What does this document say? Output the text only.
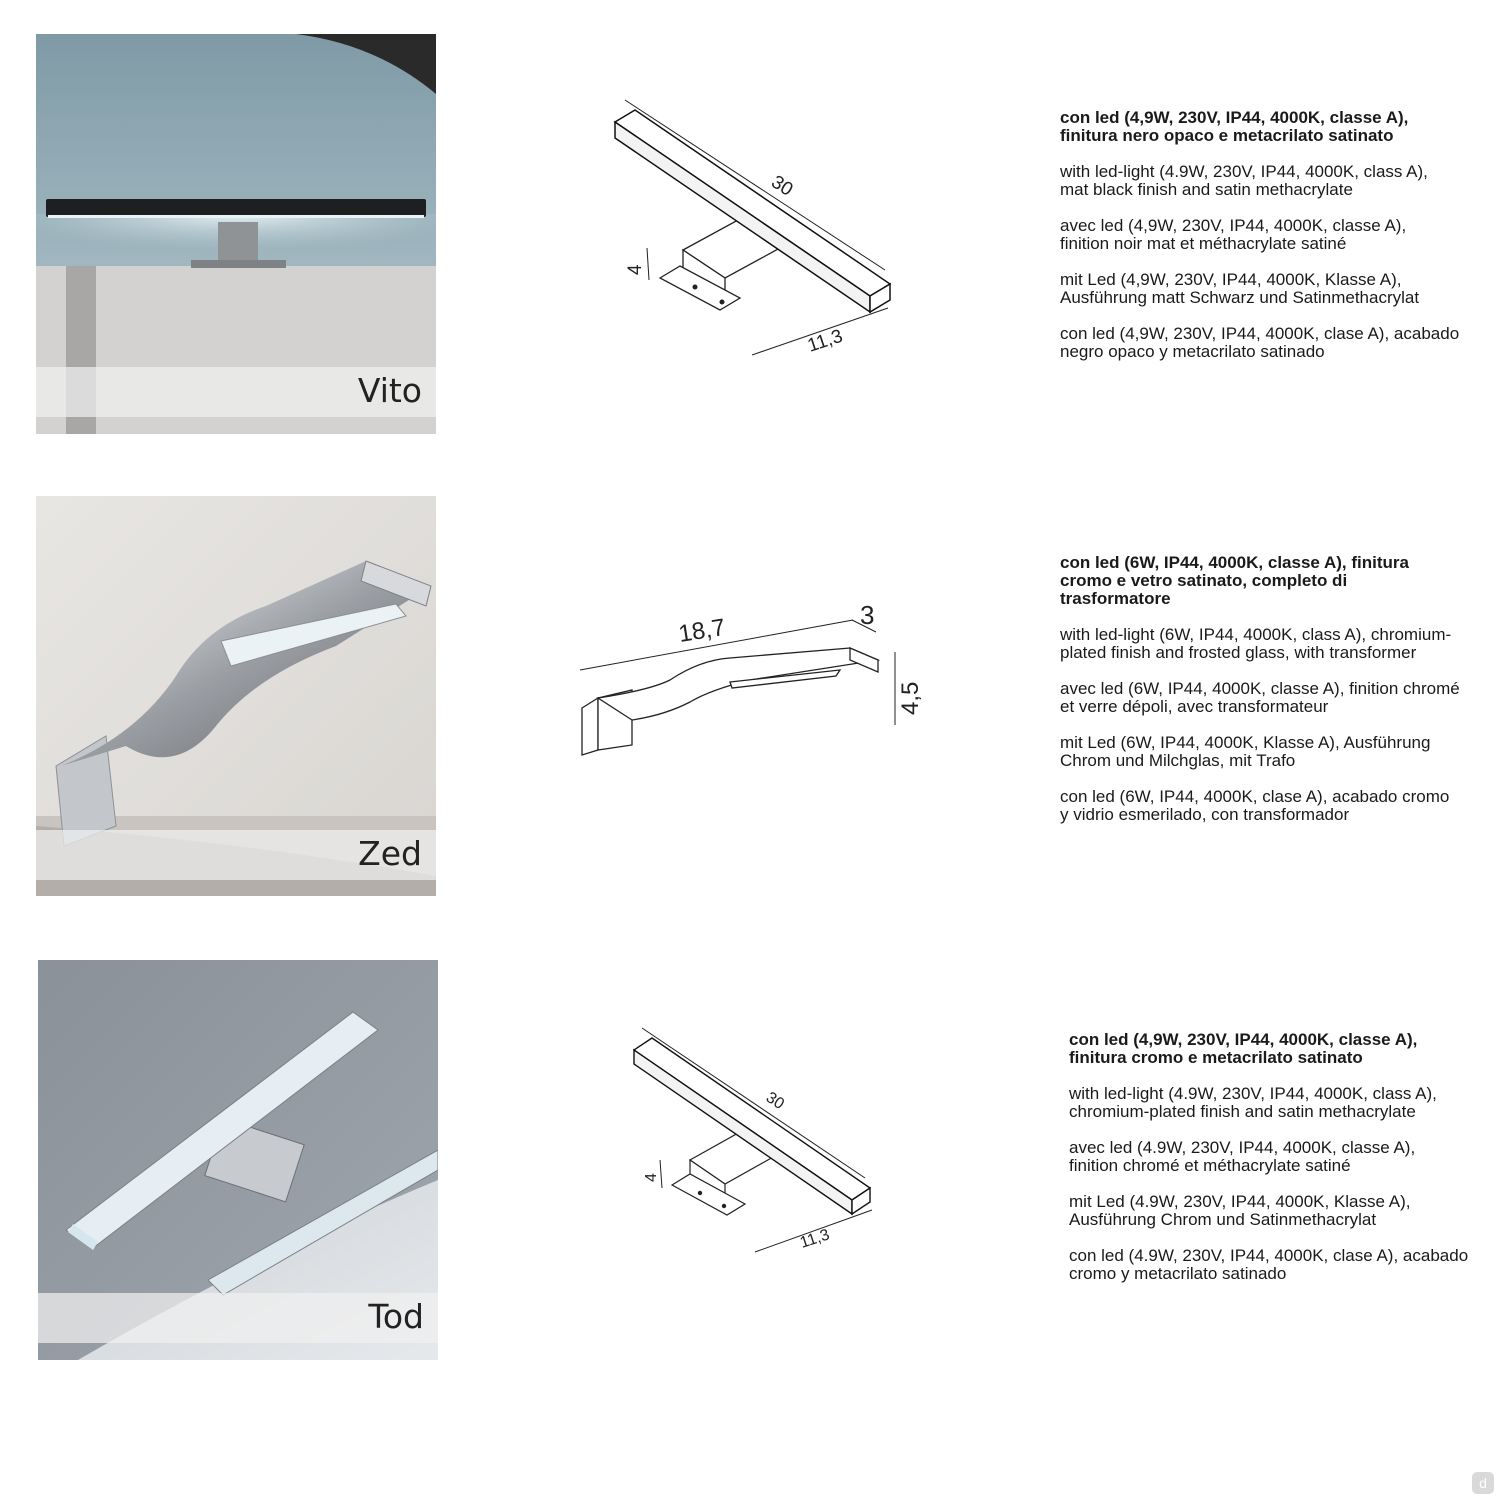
Vito
30
4
11,3

con led (4,9W, 230V, IP44, 4000K, classe A), finitura nero opaco e metacrilato satinato

with led-light (4.9W, 230V, IP44, 4000K, class A), mat black finish and satin methacrylate

avec led (4,9W, 230V, IP44, 4000K, classe A), finition noir mat et méthacrylate satiné

mit Led (4,9W, 230V, IP44, 4000K, Klasse A), Ausführung matt Schwarz und Satinmethacrylat

con led (4,9W, 230V, IP44, 4000K, clase A), acabado negro opaco y metacrilato satinado

Zed
18,7	3
4,5

con led (6W, IP44, 4000K, classe A), finitura cromo e vetro satinato, completo di trasformatore

with led-light (6W, IP44, 4000K, class A), chromium-plated finish and frosted glass, with transformer

avec led (6W, IP44, 4000K, classe A), finition chromé et verre dépoli, avec transformateur

mit Led (6W, IP44, 4000K, Klasse A), Ausführung Chrom und Milchglas, mit Trafo

con led (6W, IP44, 4000K, clase A), acabado cromo y vidrio esmerilado, con transformador

Tod
30
4
11,3

con led (4,9W, 230V, IP44, 4000K, classe A), finitura cromo e metacrilato satinato

with led-light (4.9W, 230V, IP44, 4000K, class A), chromium-plated finish and satin methacrylate

avec led (4.9W, 230V, IP44, 4000K, classe A), finition chromé et méthacrylate satiné

mit Led (4.9W, 230V, IP44, 4000K, Klasse A), Ausführung Chrom und Satinmethacrylat

con led (4.9W, 230V, IP44, 4000K, clase A), acabado cromo y metacrilato satinado

d
